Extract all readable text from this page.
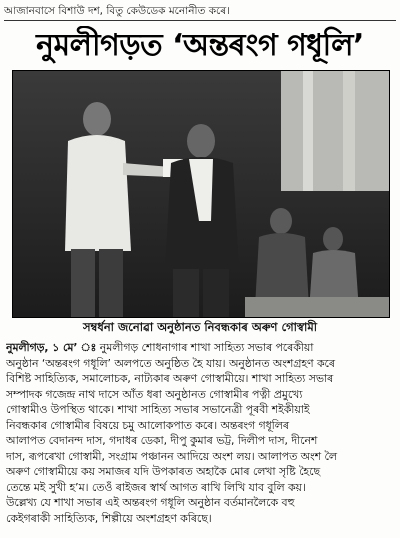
আজানবাসে বিশাউ দশ, বিতু কেউডেক মনোনীত কৰে।
নুমলীগড়ত ‘অন্তৰংগ গধূলি’
সম্বৰ্ধনা জনোৱা অনুষ্ঠানত নিবন্ধকাৰ অৰুণ গোস্বামী
নুমলীগড়, ১ মে’ ঃ নুমলীগড় শোধনাগাৰ শাখা সাহিত্য সভাৰ পৰেকীয়া
অনুষ্ঠান ‘অন্তৰংগ গধূলি’ অলপতে অনুষ্ঠিত হৈ যায়। অনুষ্ঠানত অংশগ্ৰহণ কৰে
বিশিষ্ট সাহিত্যিক, সমালোচক, নাট্যকাৰ অৰুণ গোস্বামীয়ে। শাখা সাহিত্য সভাৰ
সম্পাদক গজেন্দ্ৰ নাথ দাসে আঁত ধৰা অনুষ্ঠানত গোস্বামীৰ পত্নী প্ৰমুখ্যে
গোস্বামীও উপস্থিত থাকে। শাখা সাহিত্য সভাৰ সভানেত্ৰী পূৰবী শইকীয়াই
নিবন্ধকাৰ গোস্বামীৰ বিষয়ে চমু আলোকপাত কৰে। অন্তৰংগ গধূলিৰ
আলাপত বেদানন্দ দাস, গদাধৰ ডেকা, দীপু কুমাৰ ভট্ট, দিলীপ দাস, দীনেশ
দাস, ৰূপৰেখা গোস্বামী, সংগ্ৰাম পঞ্চানন আদিয়ে অংশ লয়। আলাপত অংশ লৈ
অৰুণ গোস্বামীয়ে কয় সমাজৰ যদি উপকাৰত অহাকৈ মোৰ লেখা সৃষ্টি হৈছে
তেন্তে মই সুখী হ’ম। তেওঁ ৰাইজৰ স্বাৰ্থ আগত ৰাখি লিখি যাব বুলি কয়।
উল্লেখ্য যে শাখা সভাৰ এই অন্তৰংগ গধূলি অনুষ্ঠান বৰ্তমানলৈকে বহু
কেইগৰাকী সাহিত্যিক, শিল্পীয়ে অংশগ্ৰহণ কৰিছে।
